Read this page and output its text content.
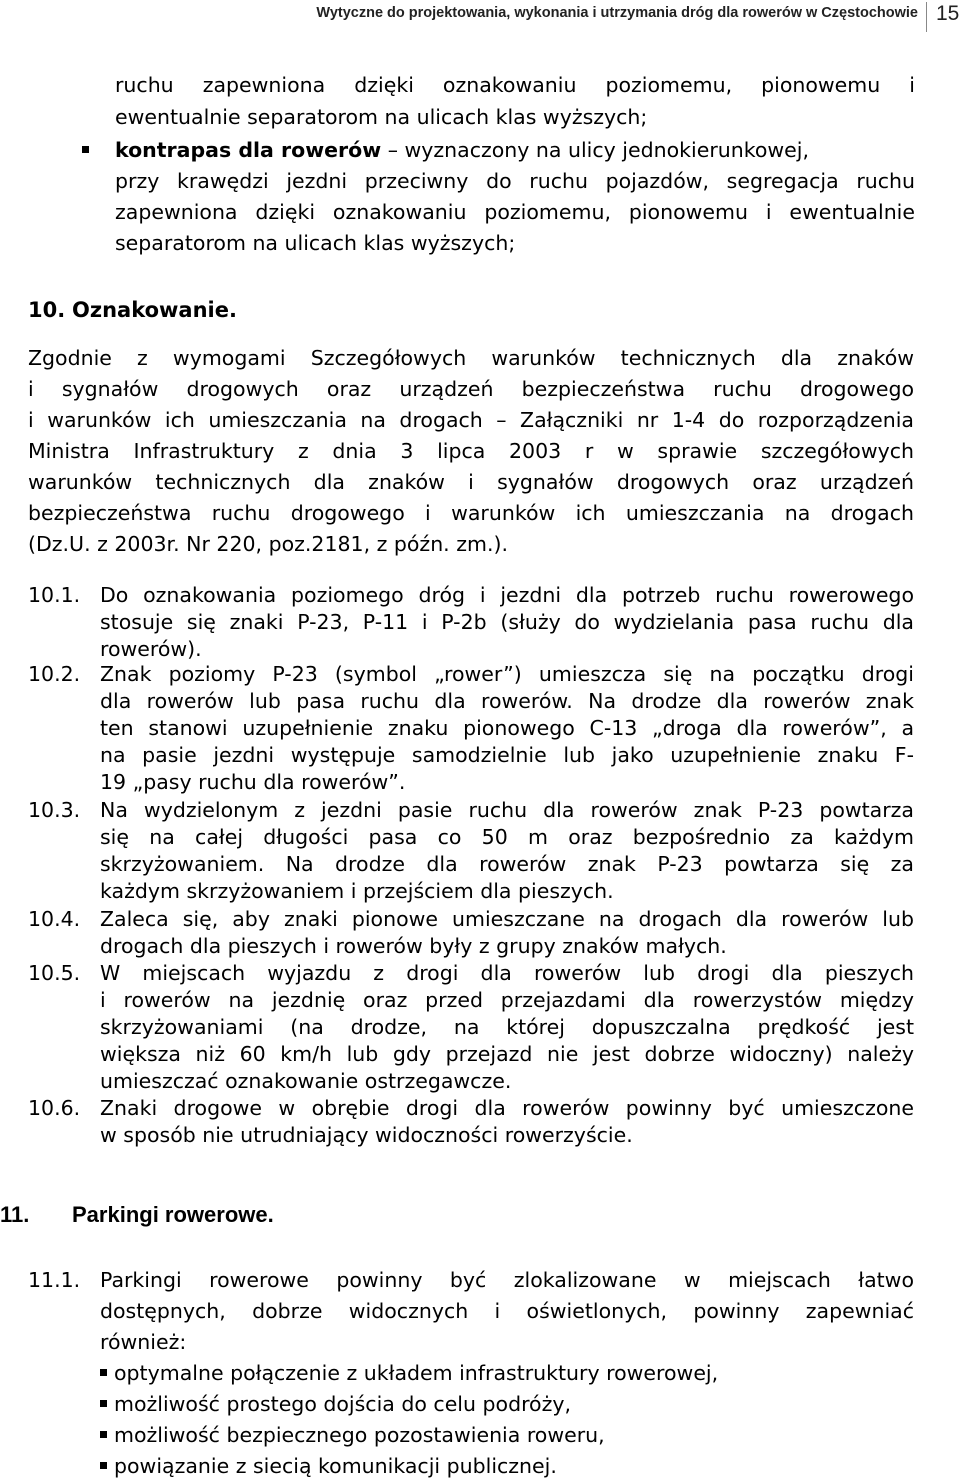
Wytyczne do projektowania, wykonania i utrzymania dróg dla rowerów w Częstochowie 15
ruchu zapewniona dzięki oznakowaniu poziomemu, pionowemu i
ewentualnie separatorom na ulicach klas wyższych;
kontrapas dla rowerów – wyznaczony na ulicy jednokierunkowej,
przy krawędzi jezdni przeciwny do ruchu pojazdów, segregacja ruchu
zapewniona dzięki oznakowaniu poziomemu, pionowemu i ewentualnie
separatorom na ulicach klas wyższych;
10. Oznakowanie.
Zgodnie z wymogami Szczegółowych warunków technicznych dla znaków
i sygnałów drogowych oraz urządzeń bezpieczeństwa ruchu drogowego
i warunków ich umieszczania na drogach – Załączniki nr 1-4 do rozporządzenia
Ministra Infrastruktury z dnia 3 lipca 2003 r w sprawie szczegółowych
warunków technicznych dla znaków i sygnałów drogowych oraz urządzeń
bezpieczeństwa ruchu drogowego i warunków ich umieszczania na drogach
(Dz.U. z 2003r. Nr 220, poz.2181, z późn. zm.).
10.1. Do oznakowania poziomego dróg i jezdni dla potrzeb ruchu rowerowego
stosuje się znaki P-23, P-11 i P-2b (służy do wydzielania pasa ruchu dla
rowerów).
10.2. Znak poziomy P-23 (symbol „rower”) umieszcza się na początku drogi
dla rowerów lub pasa ruchu dla rowerów. Na drodze dla rowerów znak
ten stanowi uzupełnienie znaku pionowego C-13 „droga dla rowerów”, a
na pasie jezdni występuje samodzielnie lub jako uzupełnienie znaku F-
19 „pasy ruchu dla rowerów”.
10.3. Na wydzielonym z jezdni pasie ruchu dla rowerów znak P-23 powtarza
się na całej długości pasa co 50 m oraz bezpośrednio za każdym
skrzyżowaniem. Na drodze dla rowerów znak P-23 powtarza się za
każdym skrzyżowaniem i przejściem dla pieszych.
10.4. Zaleca się, aby znaki pionowe umieszczane na drogach dla rowerów lub
drogach dla pieszych i rowerów były z grupy znaków małych.
10.5. W miejscach wyjazdu z drogi dla rowerów lub drogi dla pieszych
i rowerów na jezdnię oraz przed przejazdami dla rowerzystów między
skrzyżowaniami (na drodze, na której dopuszczalna prędkość jest
większa niż 60 km/h lub gdy przejazd nie jest dobrze widoczny) należy
umieszczać oznakowanie ostrzegawcze.
10.6. Znaki drogowe w obrębie drogi dla rowerów powinny być umieszczone
w sposób nie utrudniający widoczności rowerzyście.
11. Parkingi rowerowe.
11.1. Parkingi rowerowe powinny być zlokalizowane w miejscach łatwo
dostępnych, dobrze widocznych i oświetlonych, powinny zapewniać
również:
optymalne połączenie z układem infrastruktury rowerowej,
możliwość prostego dojścia do celu podróży,
możliwość bezpiecznego pozostawienia roweru,
powiązanie z siecią komunikacji publicznej.
